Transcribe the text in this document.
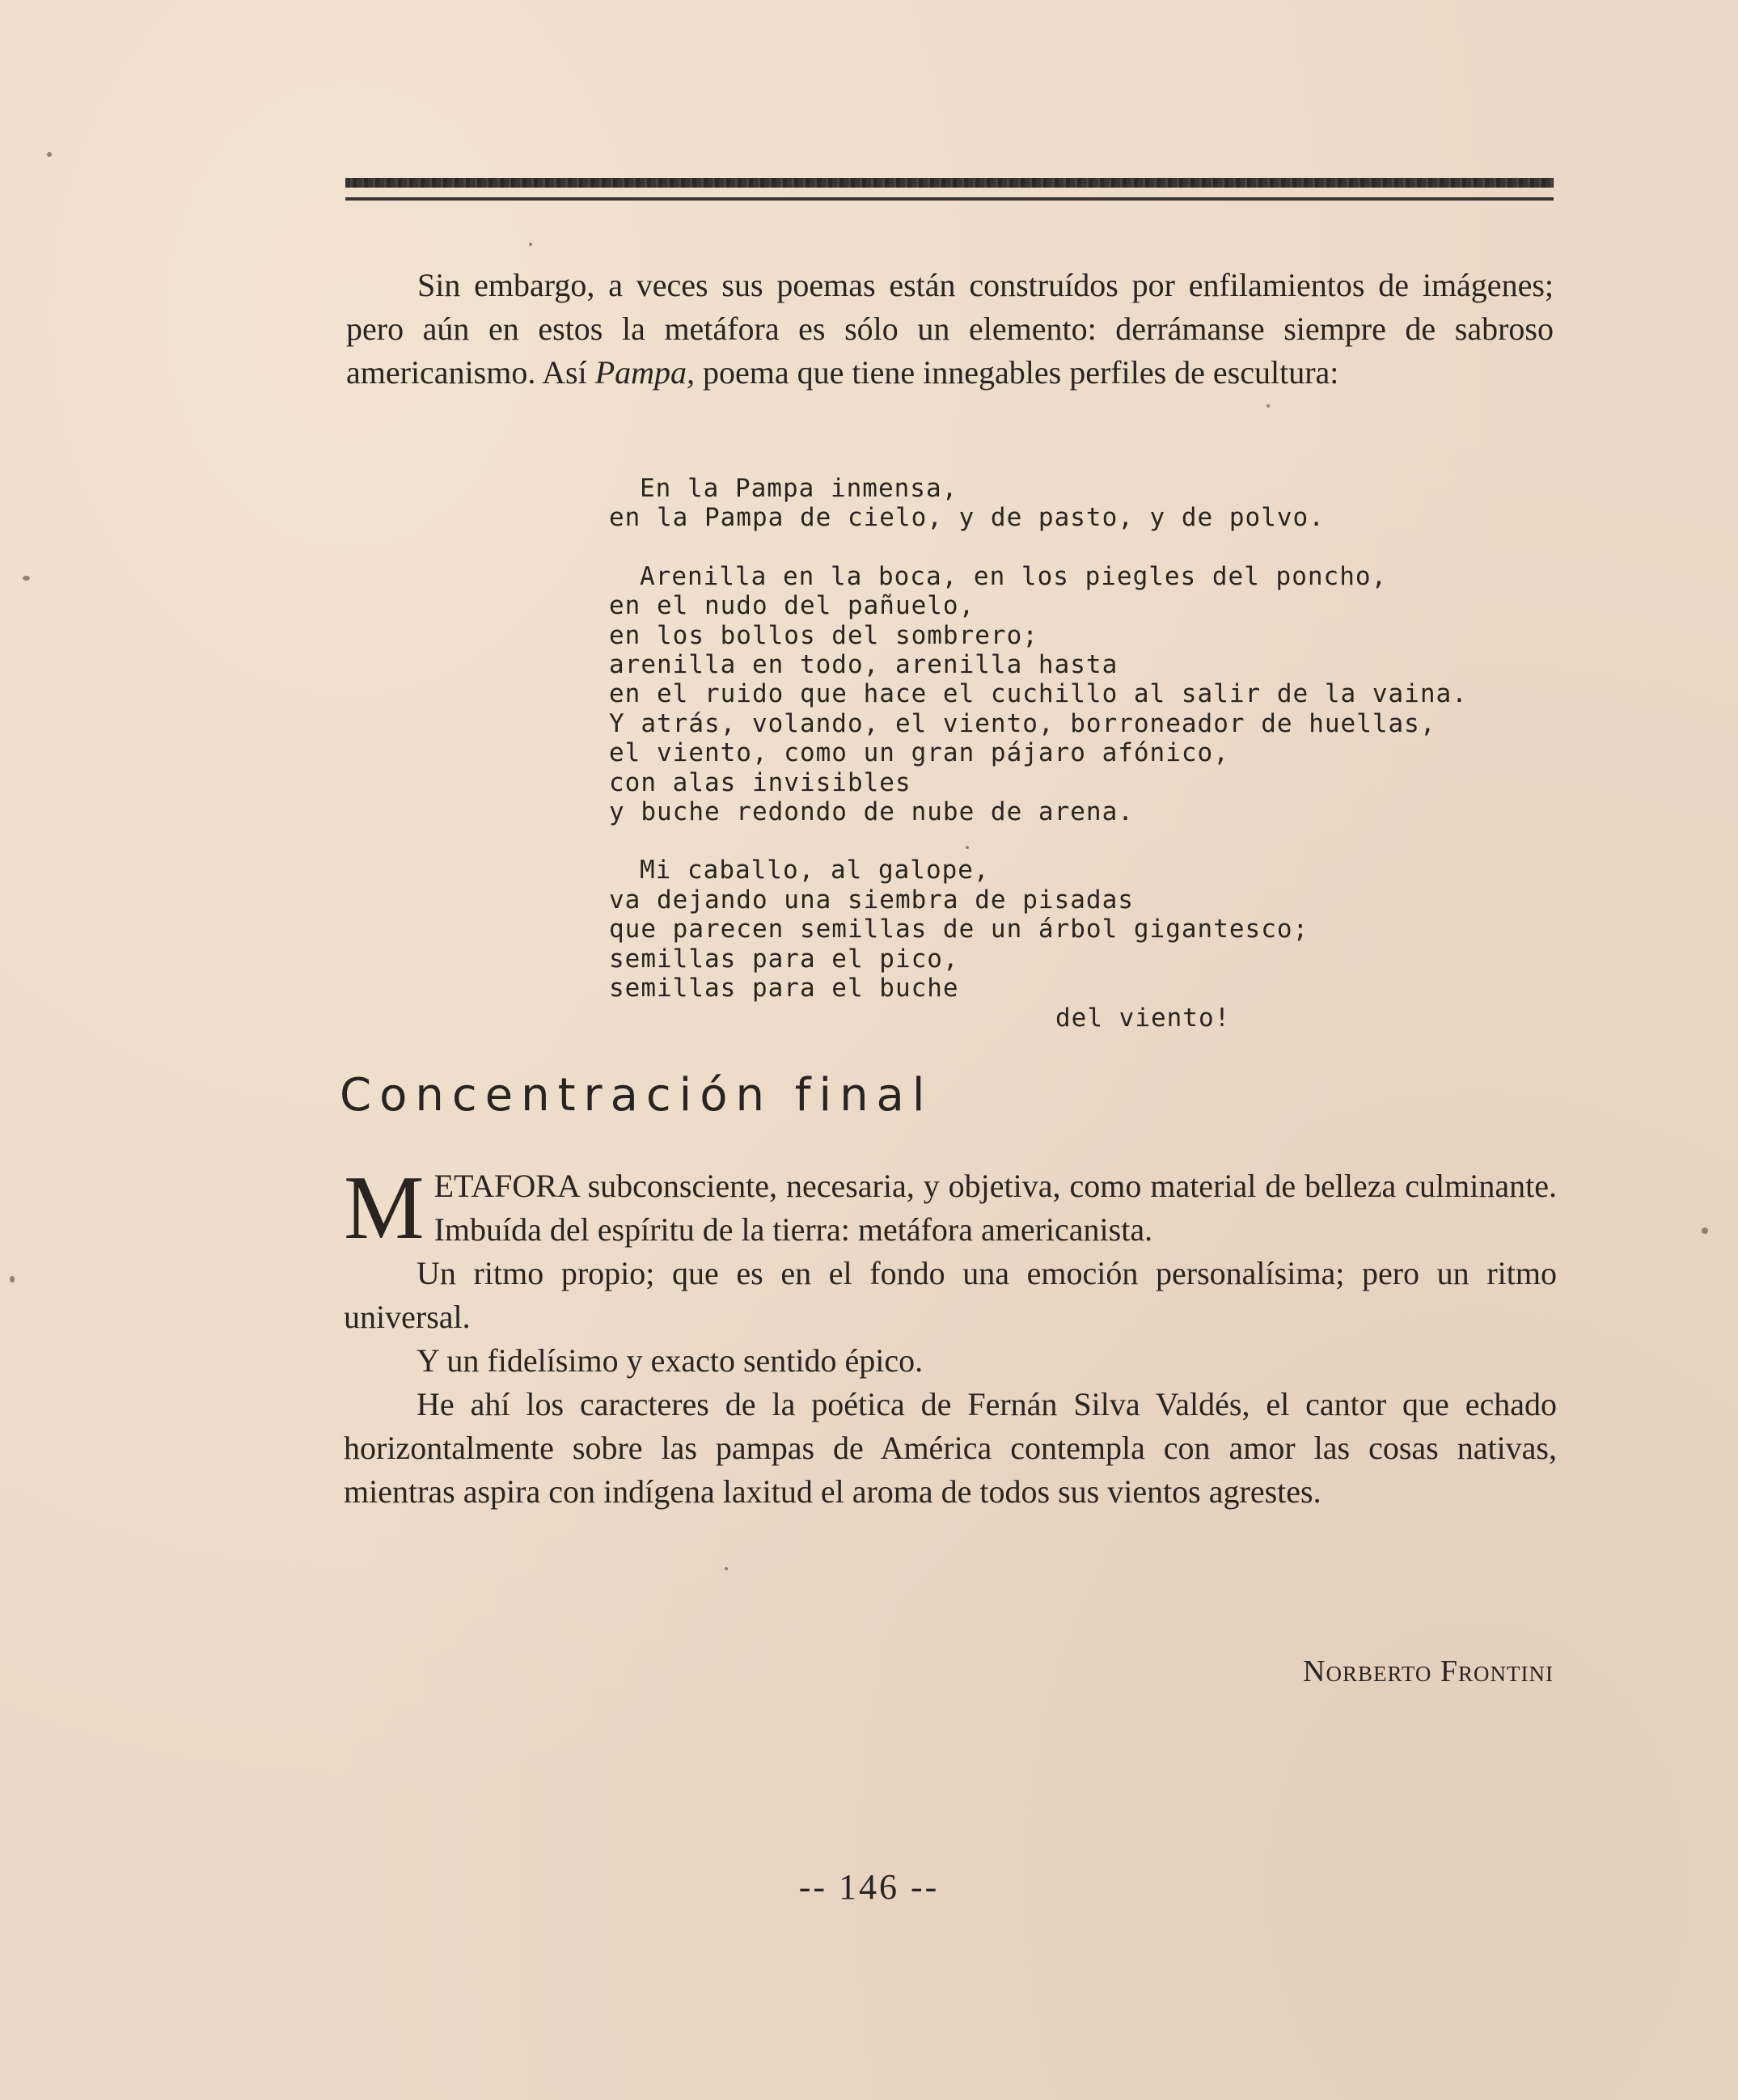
Sin embargo, a veces sus poemas están construídos por enfilamientos de imágenes; pero aún en estos la metáfora es sólo un elemento: derrámanse siempre de sabroso americanismo. Así Pampa, poema que tiene innegables perfiles de escultura:

En la Pampa inmensa,
en la Pampa de cielo, y de pasto, y de polvo.
Arenilla en la boca, en los piegles del poncho,
en el nudo del pañuelo,
en los bollos del sombrero;
arenilla en todo, arenilla hasta
en el ruido que hace el cuchillo al salir de la vaina.
Y atrás, volando, el viento, borroneador de huellas,
el viento, como un gran pájaro afónico,
con alas invisibles
y buche redondo de nube de arena.
Mi caballo, al galope,
va dejando una siembra de pisadas
que parecen semillas de un árbol gigantesco;
semillas para el pico,
semillas para el buche
del viento!
Concentración final

METAFORA subconsciente, necesaria, y objetiva, como material de belleza culminante. Imbuída del espíritu de la tierra: metáfora americanista.

Un ritmo propio; que es en el fondo una emoción personalísima; pero un ritmo universal.

Y un fidelísimo y exacto sentido épico.

He ahí los caracteres de la poética de Fernán Silva Valdés, el cantor que echado horizontalmente sobre las pampas de América contempla con amor las cosas nativas, mientras aspira con indígena laxitud el aroma de todos sus vientos agrestes.

Norberto Frontini
-- 146 --
